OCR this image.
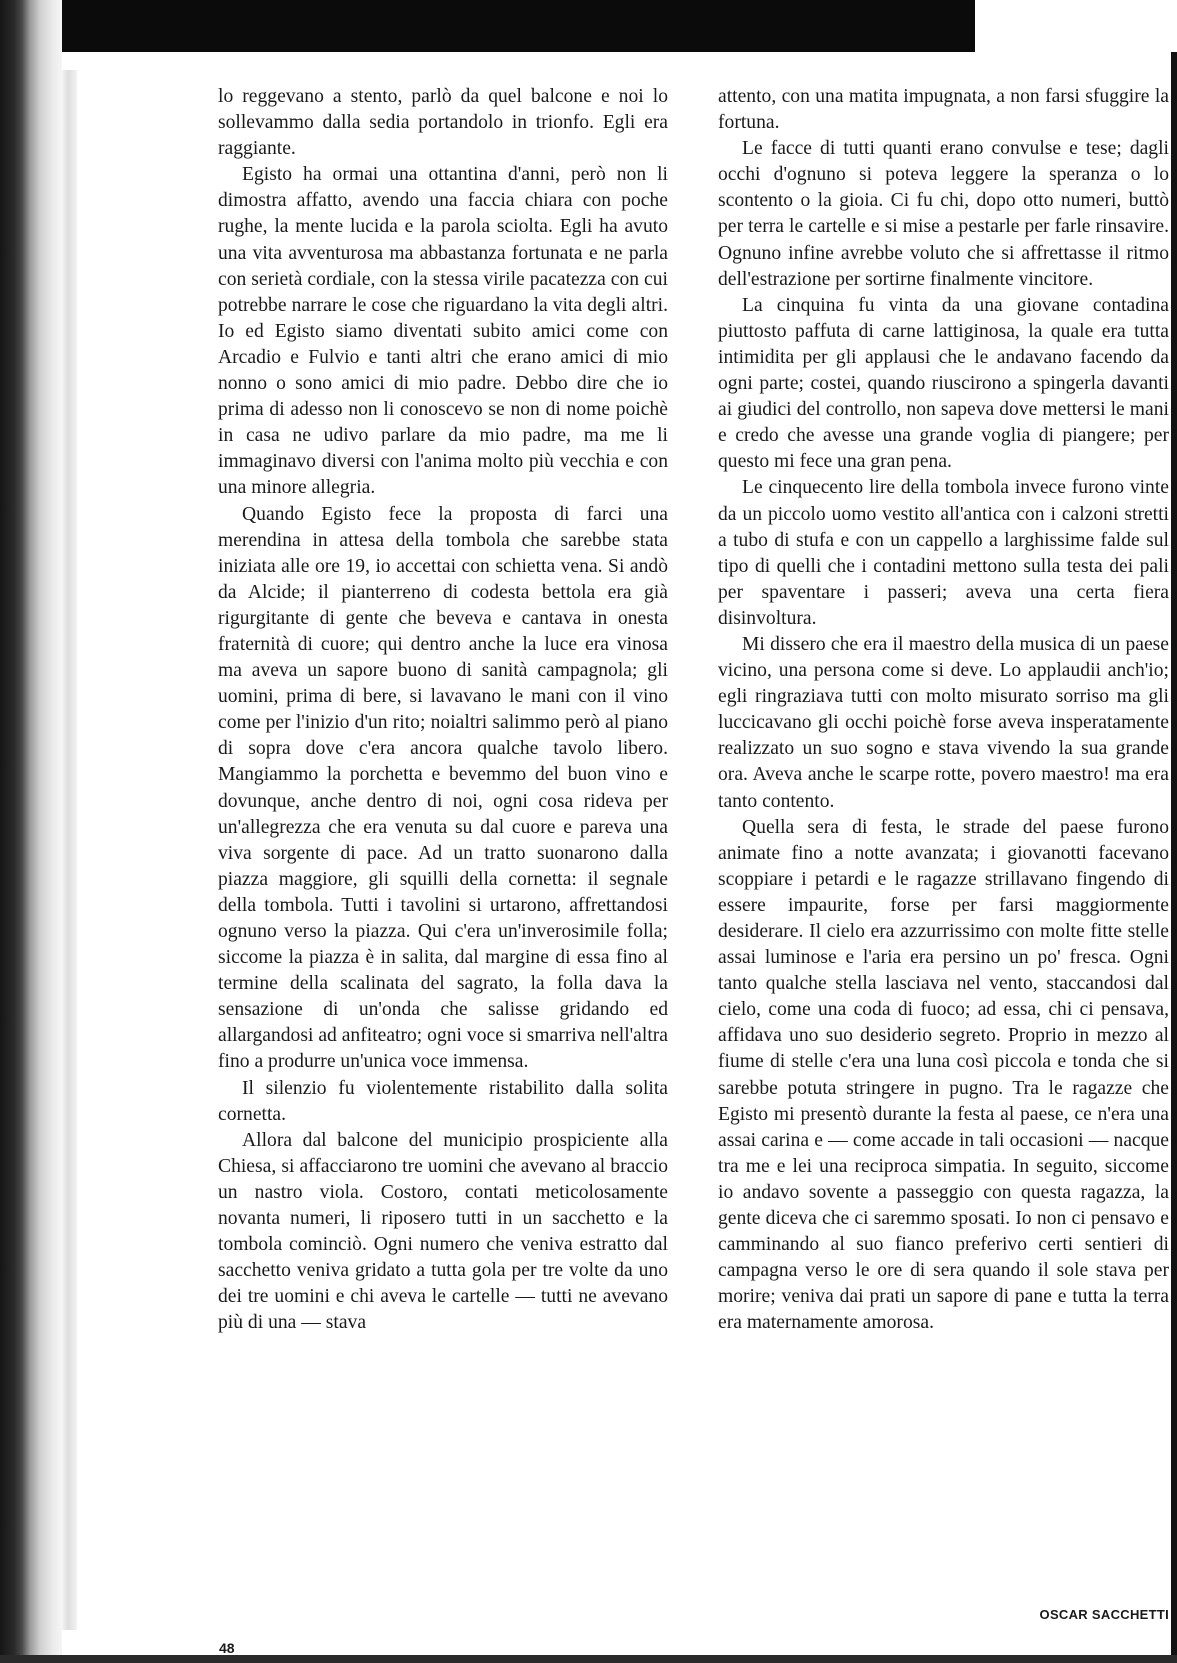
lo reggevano a stento, parlò da quel balcone e noi lo sollevammo dalla sedia portandolo in trionfo. Egli era raggiante.

Egisto ha ormai una ottantina d'anni, però non li dimostra affatto, avendo una faccia chiara con poche rughe, la mente lucida e la parola sciolta. Egli ha avuto una vita avventurosa ma abbastanza fortunata e ne parla con serietà cordiale, con la stessa virile pacatezza con cui potrebbe narrare le cose che riguardano la vita degli altri. Io ed Egisto siamo diventati subito amici come con Arcadio e Fulvio e tanti altri che erano amici di mio nonno o sono amici di mio padre. Debbo dire che io prima di adesso non li conoscevo se non di nome poichè in casa ne udivo parlare da mio padre, ma me li immaginavo diversi con l'anima molto più vecchia e con una minore allegria.

Quando Egisto fece la proposta di farci una merendina in attesa della tombola che sarebbe stata iniziata alle ore 19, io accettai con schietta vena. Si andò da Alcide; il pianterreno di codesta bettola era già rigurgitante di gente che beveva e cantava in onesta fraternità di cuore; qui dentro anche la luce era vinosa ma aveva un sapore buono di sanità campagnola; gli uomini, prima di bere, si lavavano le mani con il vino come per l'inizio d'un rito; noialtri salimmo però al piano di sopra dove c'era ancora qualche tavolo libero. Mangiammo la porchetta e bevemmo del buon vino e dovunque, anche dentro di noi, ogni cosa rideva per un'allegrezza che era venuta su dal cuore e pareva una viva sorgente di pace. Ad un tratto suonarono dalla piazza maggiore, gli squilli della cornetta: il segnale della tombola. Tutti i tavolini si urtarono, affrettandosi ognuno verso la piazza. Qui c'era un'inverosimile folla; siccome la piazza è in salita, dal margine di essa fino al termine della scalinata del sagrato, la folla dava la sensazione di un'onda che salisse gridando ed allargandosi ad anfiteatro; ogni voce si smarriva nell'altra fino a produrre un'unica voce immensa.

Il silenzio fu violentemente ristabilito dalla solita cornetta.

Allora dal balcone del municipio prospiciente alla Chiesa, si affacciarono tre uomini che avevano al braccio un nastro viola. Costoro, contati meticolosamente novanta numeri, li riposero tutti in un sacchetto e la tombola cominciò. Ogni numero che veniva estratto dal sacchetto veniva gridato a tutta gola per tre volte da uno dei tre uomini e chi aveva le cartelle — tutti ne avevano più di una — stava

attento, con una matita impugnata, a non farsi sfuggire la fortuna.

Le facce di tutti quanti erano convulse e tese; dagli occhi d'ognuno si poteva leggere la speranza o lo scontento o la gioia. Ci fu chi, dopo otto numeri, buttò per terra le cartelle e si mise a pestarle per farle rinsavire. Ognuno infine avrebbe voluto che si affrettasse il ritmo dell'estrazione per sortirne finalmente vincitore.

La cinquina fu vinta da una giovane contadina piuttosto paffuta di carne lattiginosa, la quale era tutta intimidita per gli applausi che le andavano facendo da ogni parte; costei, quando riuscirono a spingerla davanti ai giudici del controllo, non sapeva dove mettersi le mani e credo che avesse una grande voglia di piangere; per questo mi fece una gran pena.

Le cinquecento lire della tombola invece furono vinte da un piccolo uomo vestito all'antica con i calzoni stretti a tubo di stufa e con un cappello a larghissime falde sul tipo di quelli che i contadini mettono sulla testa dei pali per spaventare i passeri; aveva una certa fiera disinvoltura.

Mi dissero che era il maestro della musica di un paese vicino, una persona come si deve. Lo applaudii anch'io; egli ringraziava tutti con molto misurato sorriso ma gli luccicavano gli occhi poichè forse aveva insperatamente realizzato un suo sogno e stava vivendo la sua grande ora. Aveva anche le scarpe rotte, povero maestro! ma era tanto contento.

Quella sera di festa, le strade del paese furono animate fino a notte avanzata; i giovanotti facevano scoppiare i petardi e le ragazze strillavano fingendo di essere impaurite, forse per farsi maggiormente desiderare. Il cielo era azzurrissimo con molte fitte stelle assai luminose e l'aria era persino un po' fresca. Ogni tanto qualche stella lasciava nel vento, staccandosi dal cielo, come una coda di fuoco; ad essa, chi ci pensava, affidava uno suo desiderio segreto. Proprio in mezzo al fiume di stelle c'era una luna così piccola e tonda che si sarebbe potuta stringere in pugno. Tra le ragazze che Egisto mi presentò durante la festa al paese, ce n'era una assai carina e — come accade in tali occasioni — nacque tra me e lei una reciproca simpatia. In seguito, siccome io andavo sovente a passeggio con questa ragazza, la gente diceva che ci saremmo sposati. Io non ci pensavo e camminando al suo fianco preferivo certi sentieri di campagna verso le ore di sera quando il sole stava per morire; veniva dai prati un sapore di pane e tutta la terra era maternamente amorosa.

OSCAR SACCHETTI
48
